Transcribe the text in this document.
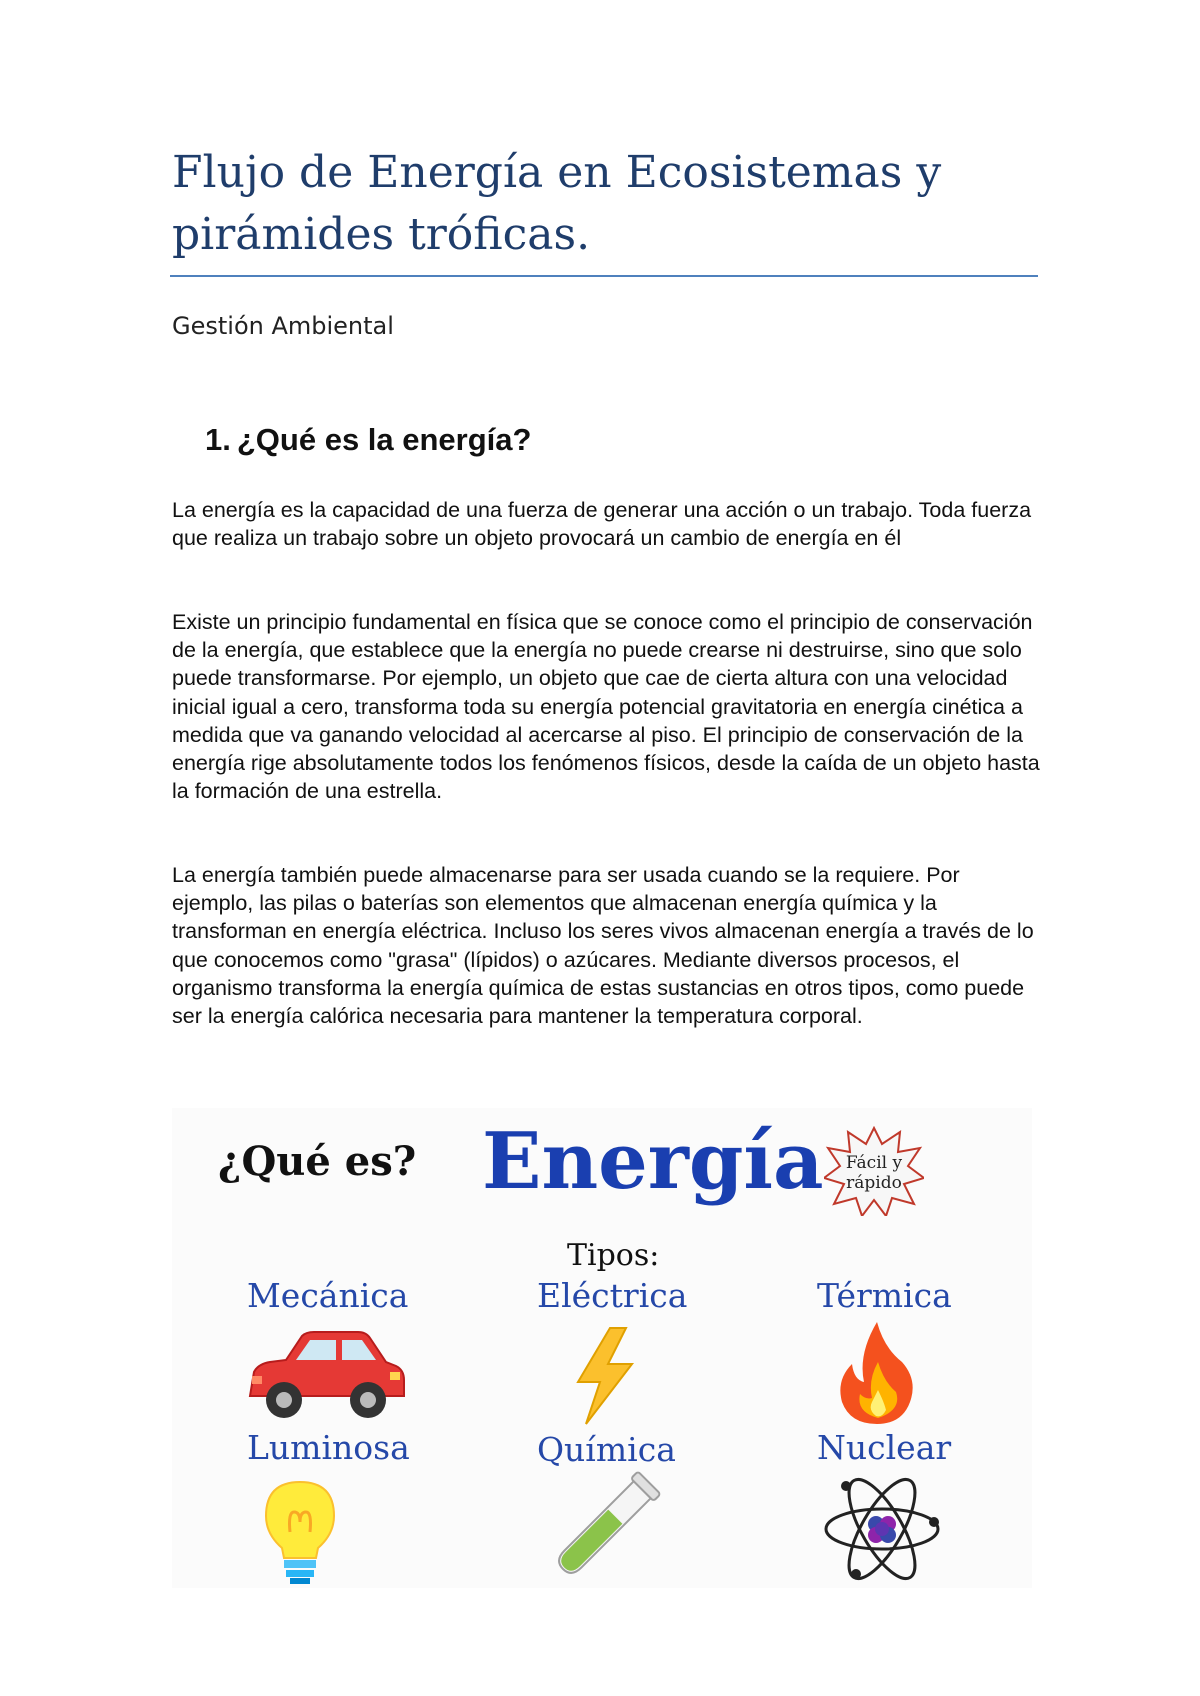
Flujo de Energía en Ecosistemas y pirámides tróficas.
Gestión Ambiental
1. ¿Qué es la energía?

La energía es la capacidad de una fuerza de generar una acción o un trabajo. Toda fuerza que realiza un trabajo sobre un objeto provocará un cambio de energía en él

Existe un principio fundamental en física que se conoce como el principio de conservación de la energía, que establece que la energía no puede crearse ni destruirse, sino que solo puede transformarse. Por ejemplo, un objeto que cae de cierta altura con una velocidad inicial igual a cero, transforma toda su energía potencial gravitatoria en energía cinética a medida que va ganando velocidad al acercarse al piso. El principio de conservación de la energía rige absolutamente todos los fenómenos físicos, desde la caída de un objeto hasta la formación de una estrella.

La energía también puede almacenarse para ser usada cuando se la requiere. Por ejemplo, las pilas o baterías son elementos que almacenan energía química y la transforman en energía eléctrica. Incluso los seres vivos almacenan energía a través de lo que conocemos como "grasa" (lípidos) o azúcares. Mediante diversos procesos, el organismo transforma la energía química de estas sustancias en otros tipos, como puede ser la energía calórica necesaria para mantener la temperatura corporal.

¿Qué es? Energía Fácil y
rápido
Tipos:
Mecánica	Eléctrica	Térmica
Luminosa	Química	Nuclear
